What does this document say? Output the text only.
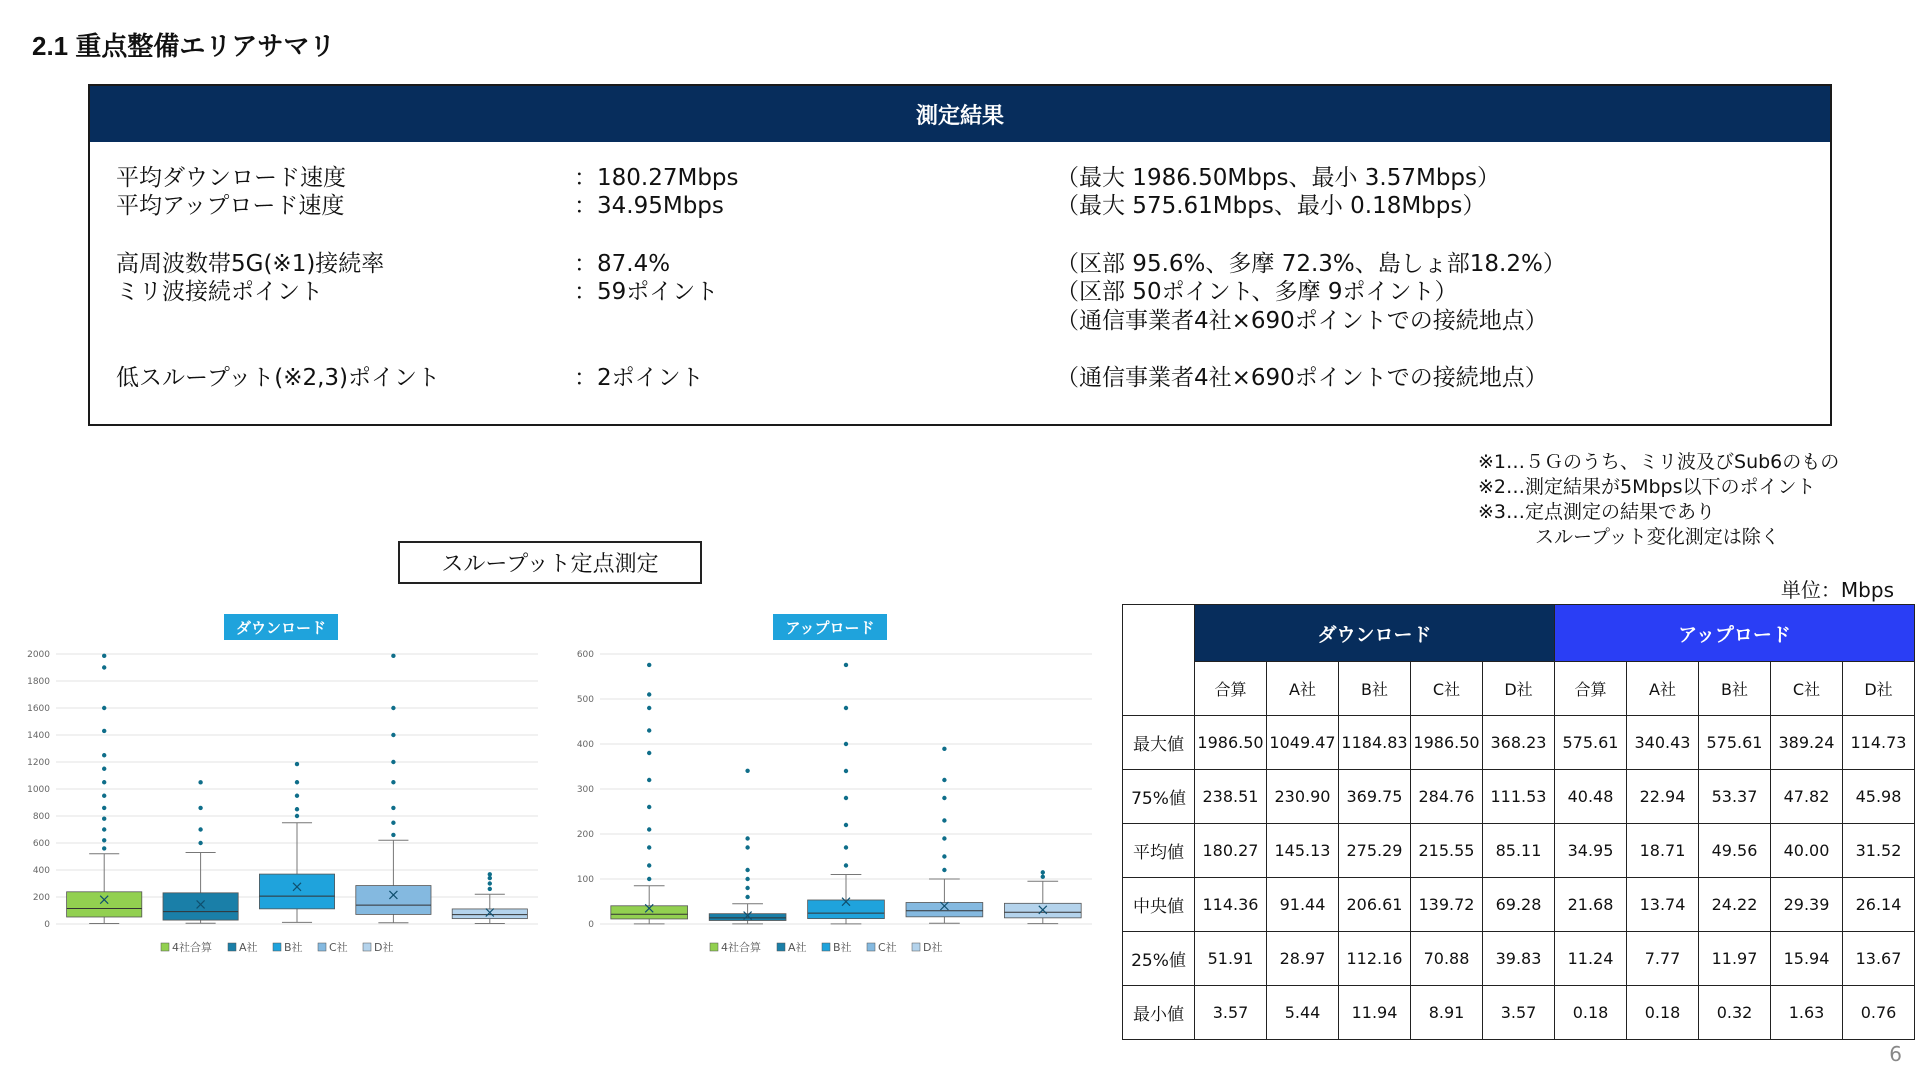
2.1 重点整備エリアサマリ
測定結果
平均ダウンロード速度	：180.27Mbps	（最大 1986.50Mbps、最小 3.57Mbps）
平均アップロード速度	：34.95Mbps	（最大 575.61Mbps、最小 0.18Mbps）
高周波数帯5G(※1)接続率	：87.4%	（区部 95.6%、多摩 72.3%、島しょ部18.2%）
ミリ波接続ポイント	：59ポイント	（区部 50ポイント、多摩 9ポイント）
（通信事業者4社×690ポイントでの接続地点）
低スループット(※2,3)ポイント	：2ポイント	（通信事業者4社×690ポイントでの接続地点）
※1…５Ｇのうち、ミリ波及びSub6のもの
※2…測定結果が5Mbps以下のポイント
※3…定点測定の結果であり
　　　スループット変化測定は除く
スループット定点測定
ダウンロード
0
200
400
600
800
1000
1200
1400
1600
1800
2000
4社合算 A社 B社 C社 D社
アップロード
0
100
200
300
400
500
600
4社合算 A社 B社 C社 D社
単位：Mbps
	ダウンロード					アップロード				
	合算	A社	B社	C社	D社	合算	A社	B社	C社	D社
最大値	1986.50	1049.47	1184.83	1986.50	368.23	575.61	340.43	575.61	389.24	114.73
75%値	238.51	230.90	369.75	284.76	111.53	40.48	22.94	53.37	47.82	45.98
平均値	180.27	145.13	275.29	215.55	85.11	34.95	18.71	49.56	40.00	31.52
中央値	114.36	91.44	206.61	139.72	69.28	21.68	13.74	24.22	29.39	26.14
25%値	51.91	28.97	112.16	70.88	39.83	11.24	7.77	11.97	15.94	13.67
最小値	3.57	5.44	11.94	8.91	3.57	0.18	0.18	0.32	1.63	0.76
6
